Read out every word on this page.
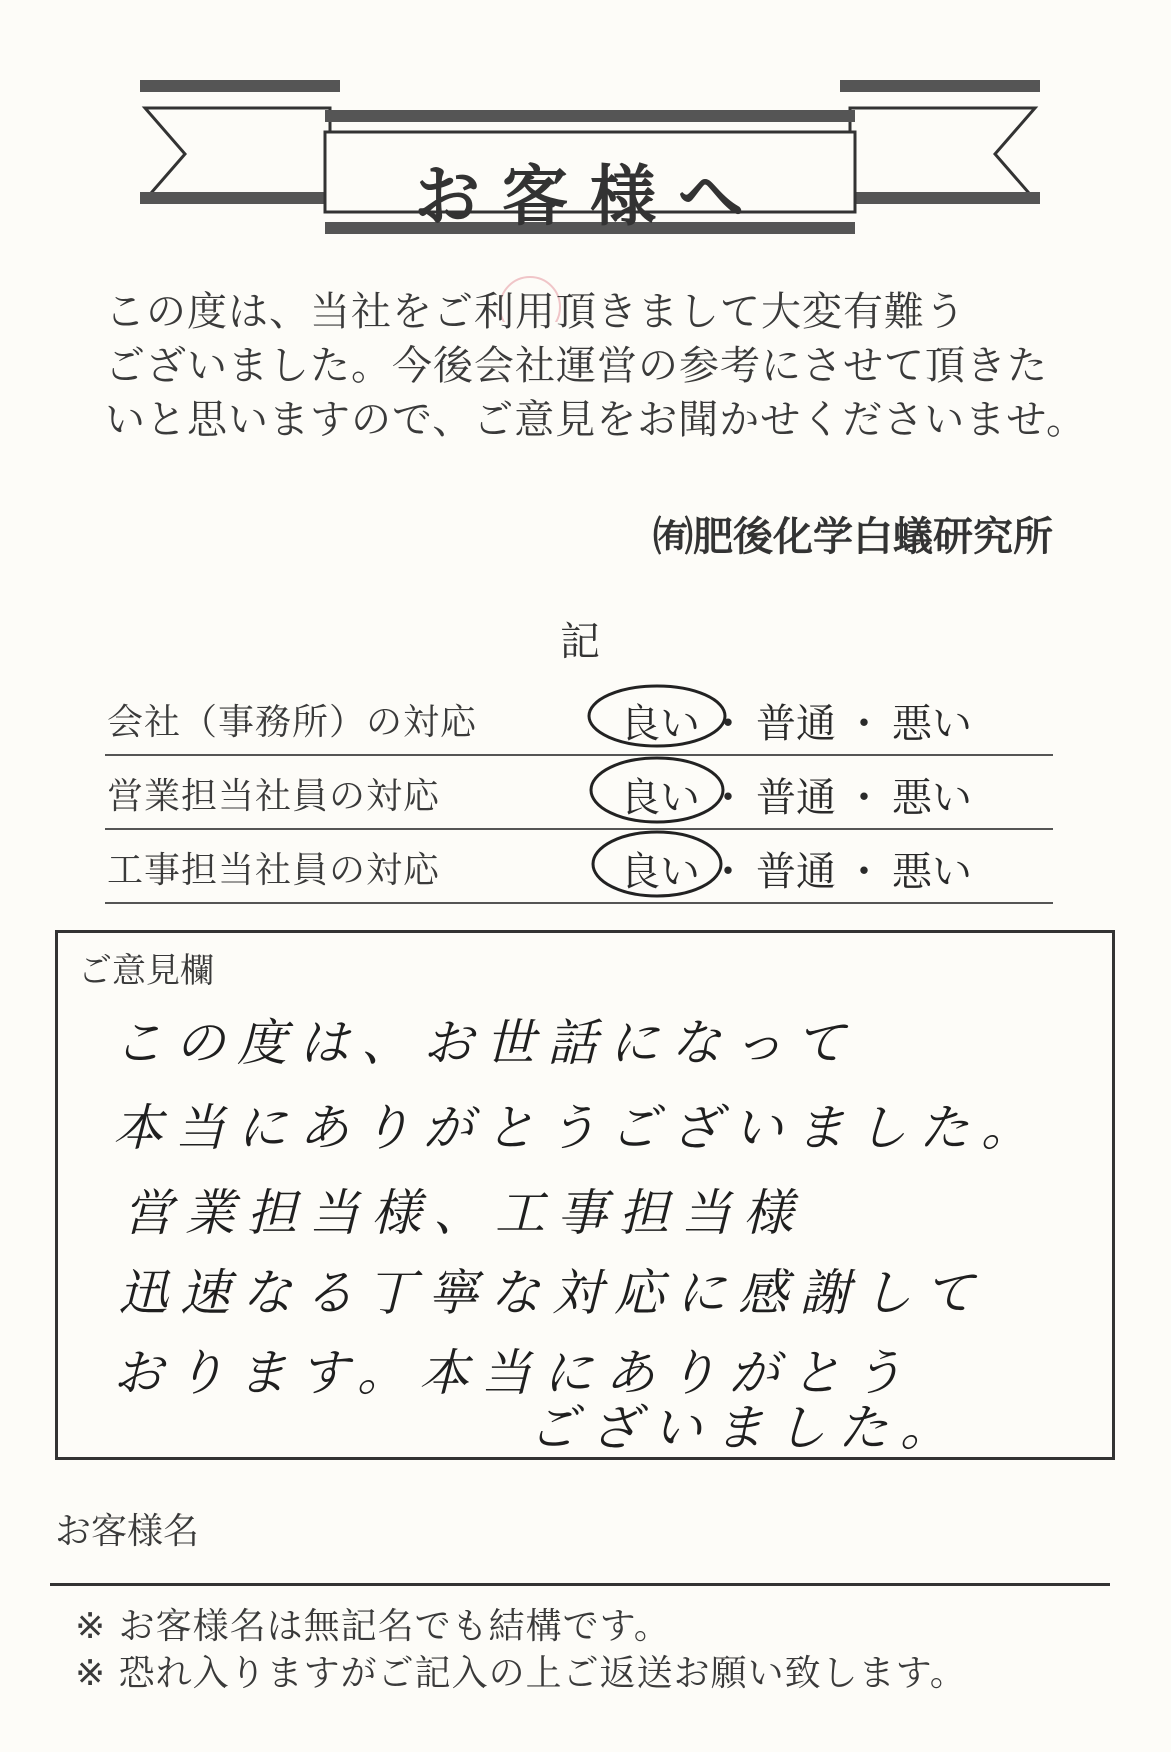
お客様へ
この度は、当社をご利用頂きまして大変有難う
ございました。今後会社運営の参考にさせて頂きた
いと思いますので、ご意見をお聞かせくださいませ。
㈲肥後化学白蟻研究所
記
会社（事務所）の対応	良い ・ 普通 ・ 悪い
営業担当社員の対応	良い ・ 普通 ・ 悪い
工事担当社員の対応	良い ・ 普通 ・ 悪い
ご意見欄
この度は、お世話になって
本当にありがとうございました。
営業担当様、工事担当様
迅速なる丁寧な対応に感謝して
おります。本当にありがとう
ございました。
お客様名
※ お客様名は無記名でも結構です。
※ 恐れ入りますがご記入の上ご返送お願い致します。
